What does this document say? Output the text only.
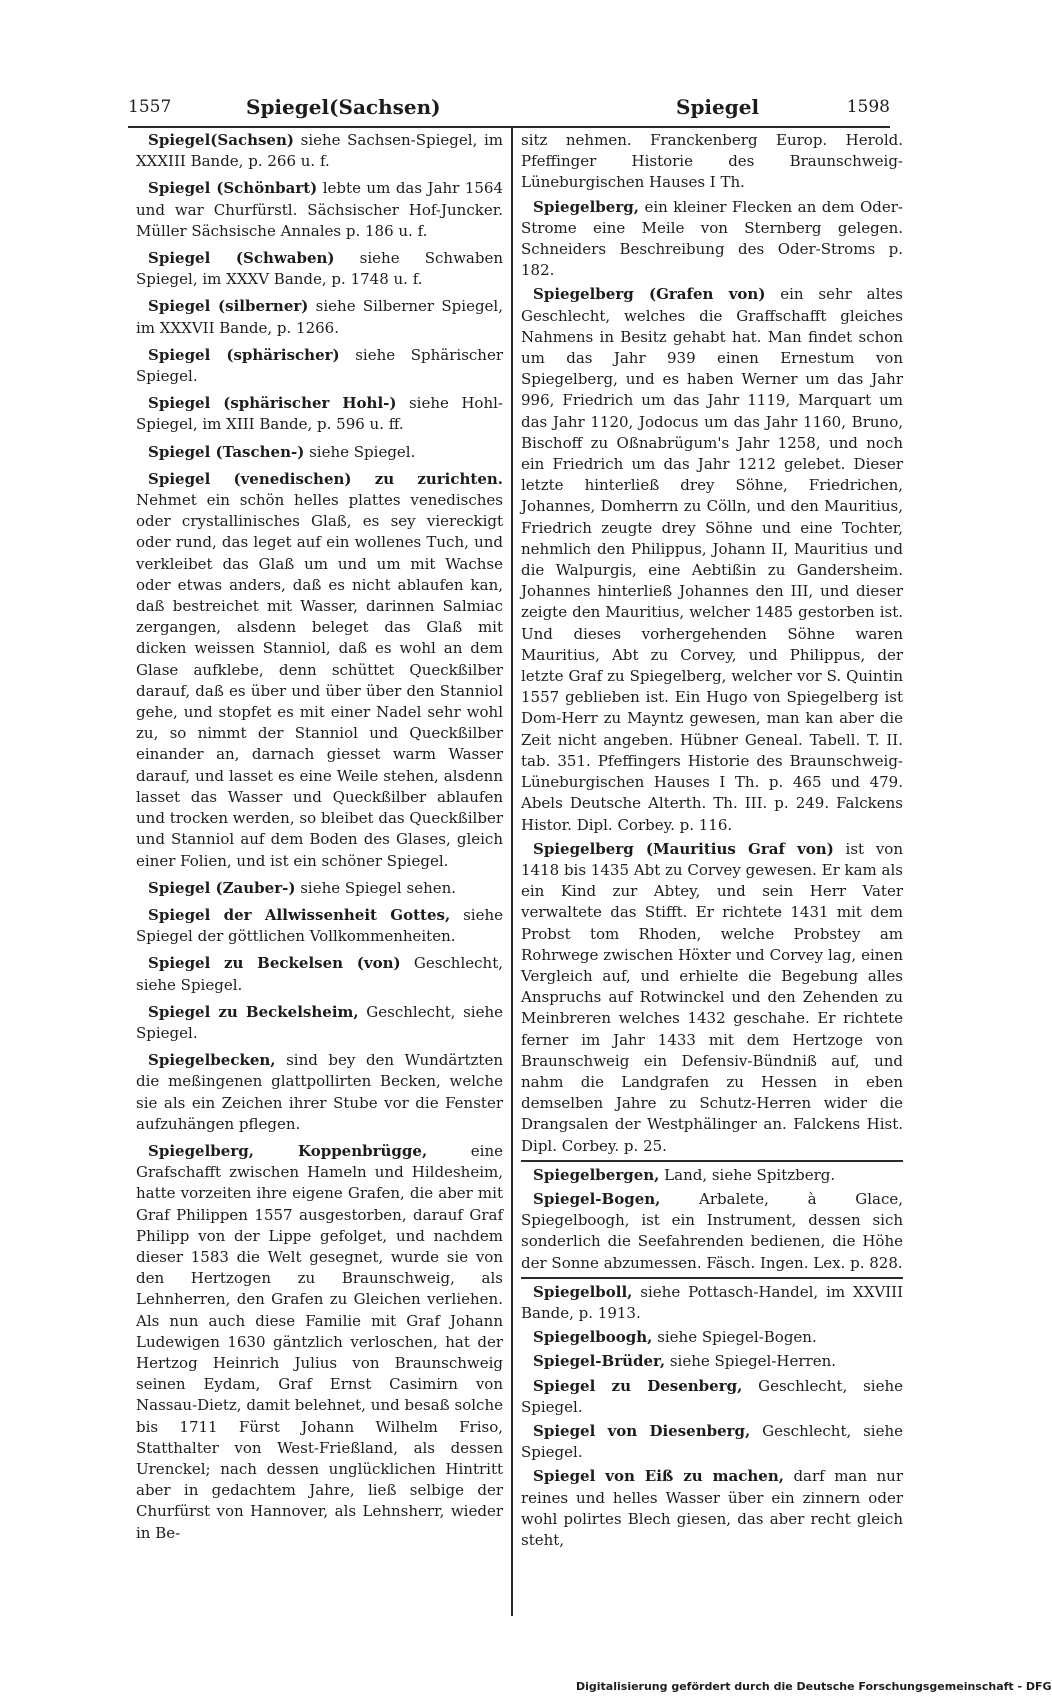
1557	Spiegel(Sachsen)	Spiegel	1598

Spiegel(Sachsen) siehe Sachsen-Spiegel, im XXXIII Bande, p. 266 u. f.

Spiegel (Schönbart) lebte um das Jahr 1564 und war Churfürstl. Sächsischer Hof-Juncker. Müller Sächsische Annales p. 186 u. f.

Spiegel (Schwaben) siehe Schwaben Spiegel, im XXXV Bande, p. 1748 u. f.

Spiegel (silberner) siehe Silberner Spiegel, im XXXVII Bande, p. 1266.

Spiegel (sphärischer) siehe Sphärischer Spiegel.

Spiegel (sphärischer Hohl-) siehe Hohl-Spiegel, im XIII Bande, p. 596 u. ff.

Spiegel (Taschen-) siehe Spiegel.

Spiegel (venedischen) zu zurichten. Nehmet ein schön helles plattes venedisches oder crystallinisches Glaß, es sey viereckigt oder rund, das leget auf ein wollenes Tuch, und verkleibet das Glaß um und um mit Wachse oder etwas anders, daß es nicht ablaufen kan, daß bestreichet mit Wasser, darinnen Salmiac zergangen, alsdenn beleget das Glaß mit dicken weissen Stanniol, daß es wohl an dem Glase aufklebe, denn schüttet Queckßilber darauf, daß es über und über über den Stanniol gehe, und stopfet es mit einer Nadel sehr wohl zu, so nimmt der Stanniol und Queckßilber einander an, darnach giesset warm Wasser darauf, und lasset es eine Weile stehen, alsdenn lasset das Wasser und Queckßilber ablaufen und trocken werden, so bleibet das Queckßilber und Stanniol auf dem Boden des Glases, gleich einer Folien, und ist ein schöner Spiegel.

Spiegel (Zauber-) siehe Spiegel sehen.

Spiegel der Allwissenheit Gottes, siehe Spiegel der göttlichen Vollkommenheiten.

Spiegel zu Beckelsen (von) Geschlecht, siehe Spiegel.

Spiegel zu Beckelsheim, Geschlecht, siehe Spiegel.

Spiegelbecken, sind bey den Wundärtzten die meßingenen glattpollirten Becken, welche sie als ein Zeichen ihrer Stube vor die Fenster aufzuhängen pflegen.

Spiegelberg, Koppenbrügge, eine Grafschafft zwischen Hameln und Hildesheim, hatte vorzeiten ihre eigene Grafen, die aber mit Graf Philippen 1557 ausgestorben, darauf Graf Philipp von der Lippe gefolget, und nachdem dieser 1583 die Welt gesegnet, wurde sie von den Hertzogen zu Braunschweig, als Lehnherren, den Grafen zu Gleichen verliehen. Als nun auch diese Familie mit Graf Johann Ludewigen 1630 gäntzlich verloschen, hat der Hertzog Heinrich Julius von Braunschweig seinen Eydam, Graf Ernst Casimirn von Nassau-Dietz, damit belehnet, und besaß solche bis 1711 Fürst Johann Wilhelm Friso, Statthalter von West-Frießland, als dessen Urenckel; nach dessen unglücklichen Hintritt aber in gedachtem Jahre, ließ selbige der Churfürst von Hannover, als Lehnsherr, wieder in Be-

sitz nehmen. Franckenberg Europ. Herold. Pfeffinger Historie des Braunschweig-Lüneburgischen Hauses I Th.

Spiegelberg, ein kleiner Flecken an dem Oder-Strome eine Meile von Sternberg gelegen. Schneiders Beschreibung des Oder-Stroms p. 182.

Spiegelberg (Grafen von) ein sehr altes Geschlecht, welches die Graffschafft gleiches Nahmens in Besitz gehabt hat. Man findet schon um das Jahr 939 einen Ernestum von Spiegelberg, und es haben Werner um das Jahr 996, Friedrich um das Jahr 1119, Marquart um das Jahr 1120, Jodocus um das Jahr 1160, Bruno, Bischoff zu Oßnabrügum's Jahr 1258, und noch ein Friedrich um das Jahr 1212 gelebet. Dieser letzte hinterließ drey Söhne, Friedrichen, Johannes, Domherrn zu Cölln, und den Mauritius, Friedrich zeugte drey Söhne und eine Tochter, nehmlich den Philippus, Johann II, Mauritius und die Walpurgis, eine Aebtißin zu Gandersheim. Johannes hinterließ Johannes den III, und dieser zeigte den Mauritius, welcher 1485 gestorben ist. Und dieses vorhergehenden Söhne waren Mauritius, Abt zu Corvey, und Philippus, der letzte Graf zu Spiegelberg, welcher vor S. Quintin 1557 geblieben ist. Ein Hugo von Spiegelberg ist Dom-Herr zu Mayntz gewesen, man kan aber die Zeit nicht angeben. Hübner Geneal. Tabell. T. II. tab. 351. Pfeffingers Historie des Braunschweig-Lüneburgischen Hauses I Th. p. 465 und 479. Abels Deutsche Alterth. Th. III. p. 249. Falckens Histor. Dipl. Corbey. p. 116.

Spiegelberg (Mauritius Graf von) ist von 1418 bis 1435 Abt zu Corvey gewesen. Er kam als ein Kind zur Abtey, und sein Herr Vater verwaltete das Stifft. Er richtete 1431 mit dem Probst tom Rhoden, welche Probstey am Rohrwege zwischen Höxter und Corvey lag, einen Vergleich auf, und erhielte die Begebung alles Anspruchs auf Rotwinckel und den Zehenden zu Meinbreren welches 1432 geschahe. Er richtete ferner im Jahr 1433 mit dem Hertzoge von Braunschweig ein Defensiv-Bündniß auf, und nahm die Landgrafen zu Hessen in eben demselben Jahre zu Schutz-Herren wider die Drangsalen der Westphälinger an. Falckens Hist. Dipl. Corbey. p. 25.

Spiegelbergen, Land, siehe Spitzberg.

Spiegel-Bogen, Arbalete, à Glace, Spiegelboogh, ist ein Instrument, dessen sich sonderlich die Seefahrenden bedienen, die Höhe der Sonne abzumessen. Fäsch. Ingen. Lex. p. 828.

Spiegelboll, siehe Pottasch-Handel, im XXVIII Bande, p. 1913.

Spiegelboogh, siehe Spiegel-Bogen.

Spiegel-Brüder, siehe Spiegel-Herren.

Spiegel zu Desenberg, Geschlecht, siehe Spiegel.

Spiegel von Diesenberg, Geschlecht, siehe Spiegel.

Spiegel von Eiß zu machen, darf man nur reines und helles Wasser über ein zinnern oder wohl polirtes Blech giesen, das aber recht gleich steht,

Digitalisierung gefördert durch die Deutsche Forschungsgemeinschaft - DFG
